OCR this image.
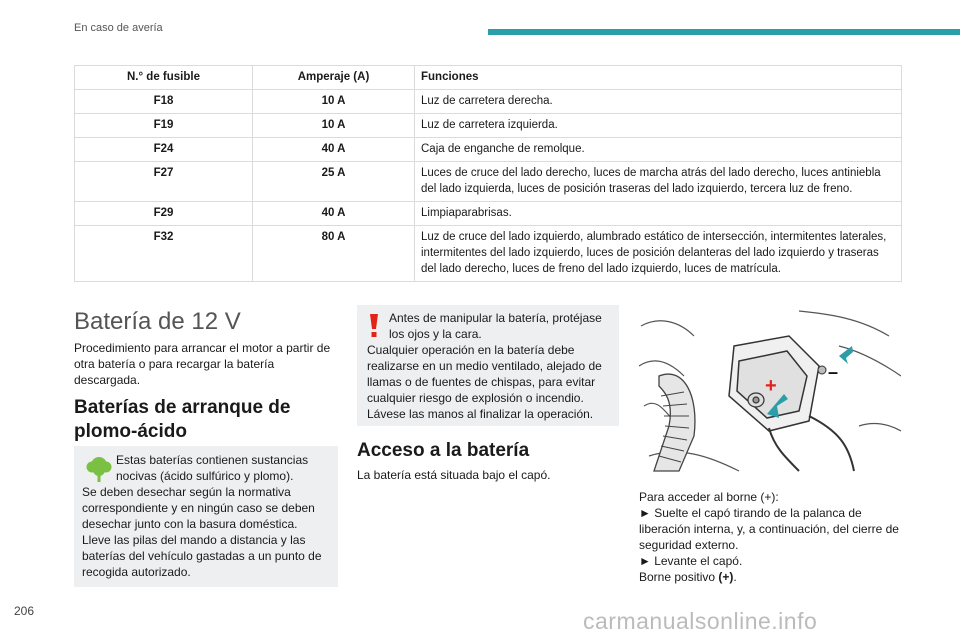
En caso de avería
N.° de fusible	Amperaje (A)	Funciones
F18	10 A	Luz de carretera derecha.
F19	10 A	Luz de carretera izquierda.
F24	40 A	Caja de enganche de remolque.
F27	25 A	Luces de cruce del lado derecho, luces de marcha atrás del lado derecho, luces antiniebla del lado izquierda, luces de posición traseras del lado izquierdo, tercera luz de freno.
F29	40 A	Limpiaparabrisas.
F32	80 A	Luz de cruce del lado izquierdo, alumbrado estático de intersección, intermitentes laterales, intermitentes del lado izquierdo, luces de posición delanteras del lado izquierdo y traseras del lado derecho, luces de freno del lado izquierdo, luces de matrícula.
Batería de 12 V
Procedimiento para arrancar el motor a partir de otra batería o para recargar la batería descargada.
Baterías de arranque de plomo-ácido

Estas baterías contienen sustancias nocivas (ácido sulfúrico y plomo).

Se deben desechar según la normativa correspondiente y en ningún caso se deben desechar junto con la basura doméstica.

Lleve las pilas del mando a distancia y las baterías del vehículo gastadas a un punto de recogida autorizado.

Antes de manipular la batería, protéjase los ojos y la cara.

Cualquier operación en la batería debe realizarse en un medio ventilado, alejado de llamas o de fuentes de chispas, para evitar cualquier riesgo de explosión o incendio.

Lávese las manos al finalizar la operación.

Acceso a la batería
La batería está situada bajo el capó.
+
–

Para acceder al borne (+):

► Suelte el capó tirando de la palanca de liberación interna, y, a continuación, del cierre de seguridad externo.

► Levante el capó.

Borne positivo (+).

206	carmanualsonline.info
